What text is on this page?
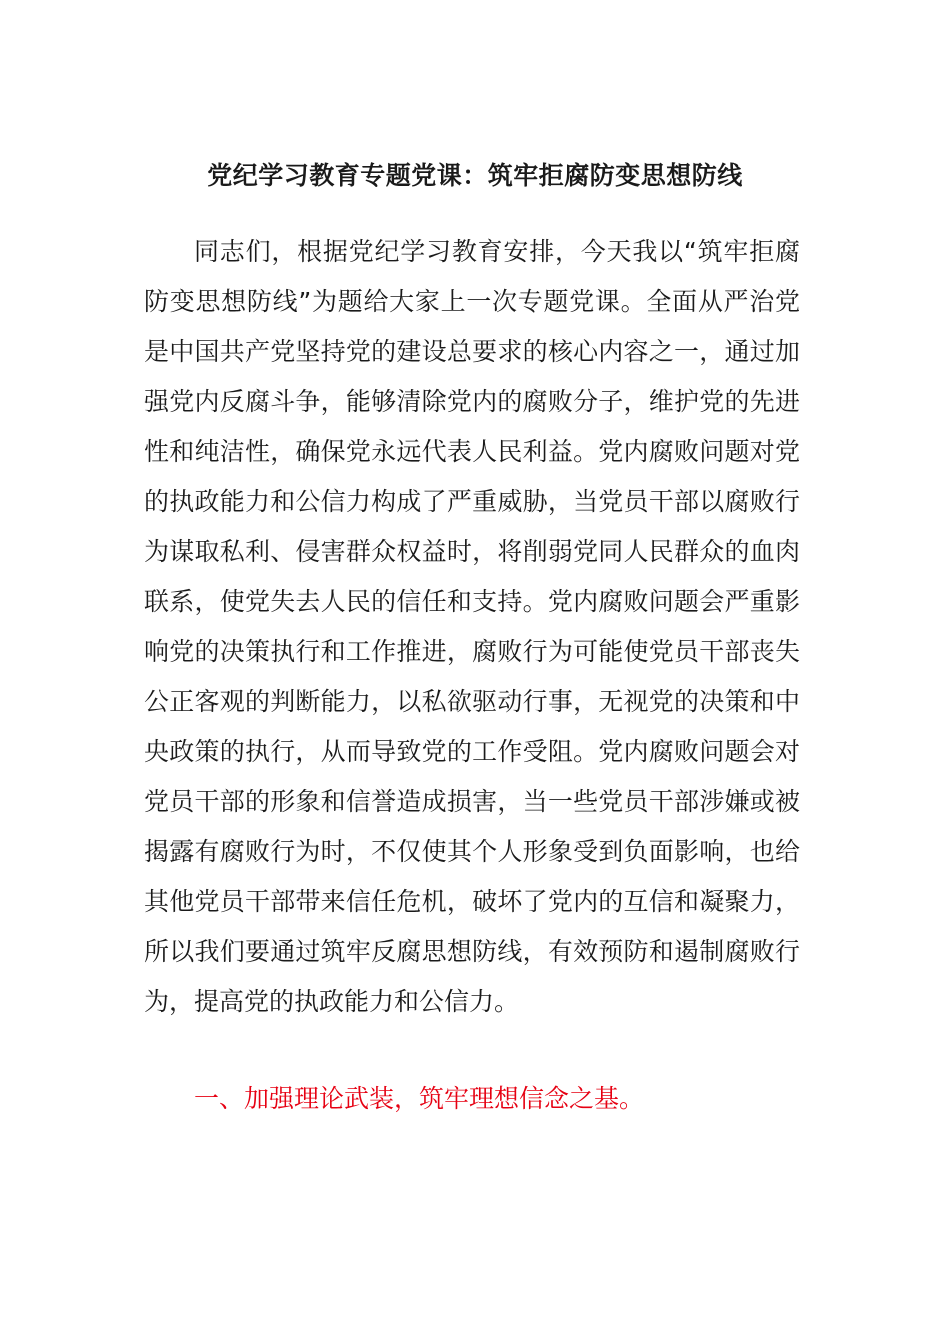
党纪学习教育专题党课：筑牢拒腐防变思想防线

同志们，根据党纪学习教育安排，今天我以“筑牢拒腐防变思想防线”为题给大家上一次专题党课。全面从严治党是中国共产党坚持党的建设总要求的核心内容之一，通过加强党内反腐斗争，能够清除党内的腐败分子，维护党的先进性和纯洁性，确保党永远代表人民利益。党内腐败问题对党的执政能力和公信力构成了严重威胁，当党员干部以腐败行为谋取私利、侵害群众权益时，将削弱党同人民群众的血肉联系，使党失去人民的信任和支持。党内腐败问题会严重影响党的决策执行和工作推进，腐败行为可能使党员干部丧失公正客观的判断能力，以私欲驱动行事，无视党的决策和中央政策的执行，从而导致党的工作受阻。党内腐败问题会对党员干部的形象和信誉造成损害，当一些党员干部涉嫌或被揭露有腐败行为时，不仅使其个人形象受到负面影响，也给其他党员干部带来信任危机，破坏了党内的互信和凝聚力，所以我们要通过筑牢反腐思想防线，有效预防和遏制腐败行为，提高党的执政能力和公信力。

一、加强理论武装，筑牢理想信念之基。
